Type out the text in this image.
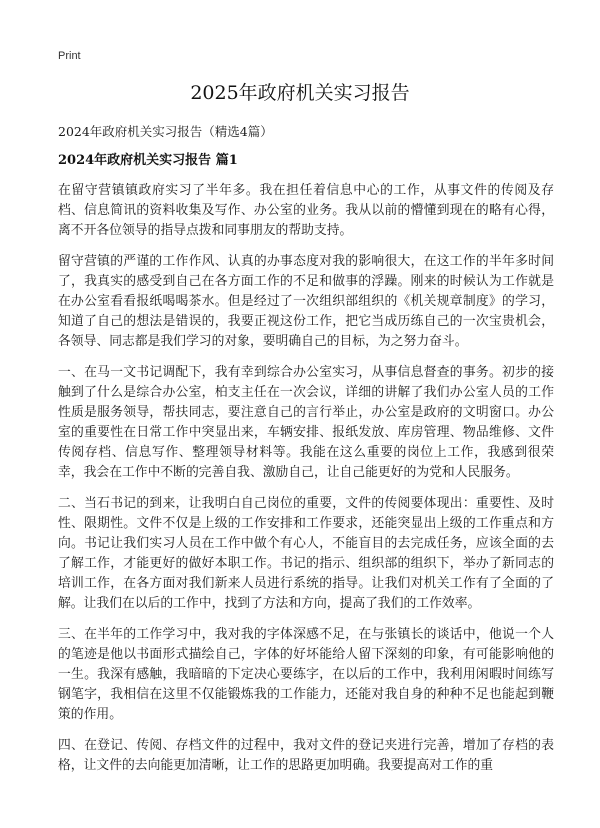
Print

2025年政府机关实习报告

2024年政府机关实习报告（精选4篇）

2024年政府机关实习报告 篇1

在留守营镇镇政府实习了半年多。我在担任着信息中心的工作，从事文件的传阅及存档、信息简讯的资料收集及写作、办公室的业务。我从以前的懵懂到现在的略有心得，离不开各位领导的指导点拨和同事朋友的帮助支持。

留守营镇的严谨的工作作风、认真的办事态度对我的影响很大，在这工作的半年多时间了，我真实的感受到自己在各方面工作的不足和做事的浮躁。刚来的时候认为工作就是在办公室看看报纸喝喝茶水。但是经过了一次组织部组织的《机关规章制度》的学习，知道了自己的想法是错误的，我要正视这份工作，把它当成历练自己的一次宝贵机会，各领导、同志都是我们学习的对象，要明确自己的目标，为之努力奋斗。

一、在马一文书记调配下，我有幸到综合办公室实习，从事信息督查的事务。初步的接触到了什么是综合办公室，柏支主任在一次会议，详细的讲解了我们办公室人员的工作性质是服务领导，帮扶同志，要注意自己的言行举止，办公室是政府的文明窗口。办公室的重要性在日常工作中突显出来，车辆安排、报纸发放、库房管理、物品维修、文件传阅存档、信息写作、整理领导材料等。我能在这么重要的岗位上工作，我感到很荣幸，我会在工作中不断的完善自我、激励自己，让自己能更好的为党和人民服务。

二、当石书记的到来，让我明白自己岗位的重要，文件的传阅要体现出：重要性、及时性、限期性。文件不仅是上级的工作安排和工作要求，还能突显出上级的工作重点和方向。书记让我们实习人员在工作中做个有心人，不能盲目的去完成任务，应该全面的去了解工作，才能更好的做好本职工作。书记的指示、组织部的组织下，举办了新同志的培训工作，在各方面对我们新来人员进行系统的指导。让我们对机关工作有了全面的了解。让我们在以后的工作中，找到了方法和方向，提高了我们的工作效率。

三、在半年的工作学习中，我对我的字体深感不足，在与张镇长的谈话中，他说一个人的笔迹是他以书面形式描绘自己，字体的好坏能给人留下深刻的印象，有可能影响他的一生。我深有感触，我暗暗的下定决心要练字，在以后的工作中，我利用闲暇时间练写钢笔字，我相信在这里不仅能锻炼我的工作能力，还能对我自身的种种不足也能起到鞭策的作用。

四、在登记、传阅、存档文件的过程中，我对文件的登记夹进行完善，增加了存档的表格，让文件的去向能更加清晰，让工作的思路更加明确。我要提高对工作的重
